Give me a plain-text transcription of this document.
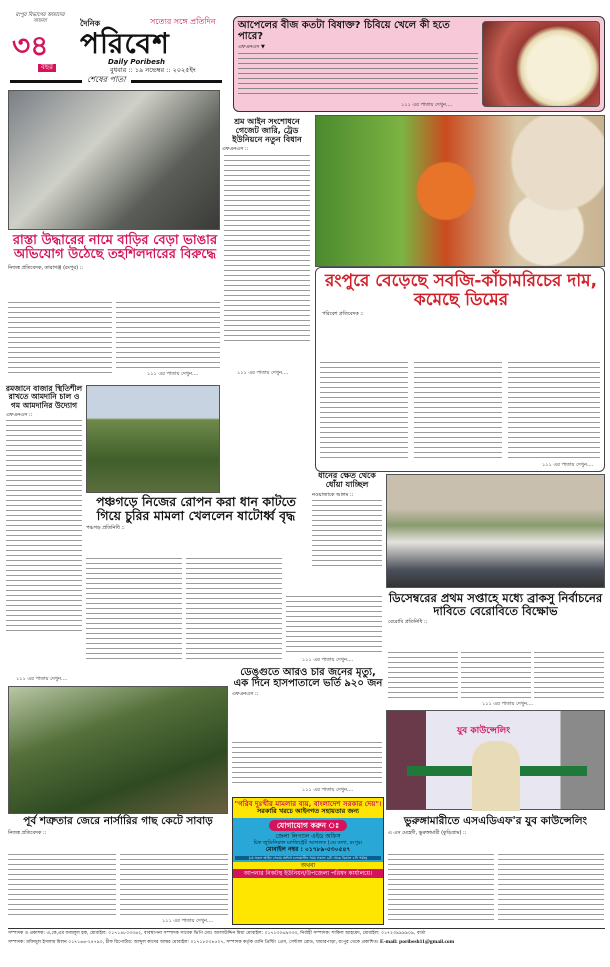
রংপুর বিভাগের আমাদের সাফল্য
৩৪
বছর
দৈনিক	সত্যের সঙ্গে প্রতিদিন
পরিবেশ
Daily Poribesh
বুধবার :: ১৯ নভেম্বর :: ২০২৫ইং
শেষের পাতা
আপেলের বীজ কতটা বিষাক্ত? চিবিয়ে খেলে কী হতে পারে?
এফএনএস ▼
১১১ এর পাতায় দেখুন....
রাস্তা উদ্ধারের নামে বাড়ির বেড়া ভাঙার অভিযোগ উঠেছে তহশিলদারের বিরুদ্ধে
নিজস্ব প্রতিবেদক, তারাগঞ্জ (রংপুর) ::
১১১ এর পাতায় দেখুন....
শ্রম আইন সংশোধনে গেজেট জারি, ট্রেড ইউনিয়নে নতুন বিধান
এফএনএস ::
১১১ এর পাতায় দেখুন....
রংপুরে বেড়েছে সবজি-কাঁচামরিচের দাম, কমেছে ডিমের
পরিবেশ প্রতিবেদক ::
১১১ এর পাতায় দেখুন....
রমজানে বাজার স্থিতিশীল রাখতে আমদানি চাল ও গম আমদানির উদ্যোগ
এফএনএস ::
১১১ এর পাতায় দেখুন....
ধানের ক্ষেত থেকে ধোঁয়া যাচ্ছিল
নওয়াজাকে আলম ::
পঞ্চগড়ে নিজের রোপন করা ধান কাটতে গিয়ে চুরির মামলা খেললেন ষাটোর্ধ্ব বৃদ্ধ
পঞ্চগড় প্রতিনিধি ::
১১১ এর পাতায় দেখুন....
ডিসেম্বরের প্রথম সপ্তাহে মধ্যে ব্রাকসু নির্বাচনের দাবিতে বেরোবিতে বিক্ষোভ
বেরোবি প্রতিনিধি ::
১১১ এর পাতায় দেখুন....
ডেঙ্গুতে আরও চার জনের মৃত্যু, এক দিনে হাসপাতালে ভর্তি ৯২০ জন
এফএনএস ::
১১১ এর পাতায় দেখুন....
"গরিব দুঃখীর মামলার ব্যয়, বাংলাদেশ সরকার দেয়"।
সরকারি খরচে আইনগত সহায়তার জন্য
যোগাযোগ করুন ঃ
জেলা লিগ্যাল এইড অফিস
চিফ জুডিসিয়াল ম্যাজিস্ট্রেট আদালত (৩য় তলা, রংপুর।
মোবাইল নম্বর : ০১৭৮৯-৫৩০৫৪৭
(যে সকল আইন সেবায় অফিস চলাকালীন সময় সকাল ৯টা থেকে বিকাল ৫টা পর্যন্ত)
অথবা
আপনার নিকটস্থ ইউনিয়ন/উপজেলা পরিষদ কার্যালয়ে।
পূর্ব শত্রুতার জেরে নার্সারির গাছ কেটে সাবাড়
নিজস্ব প্রতিবেদক ::
১১১ এর পাতায় দেখুন....
যুব কাউন্সেলিং
ভুরুঙ্গামারীতে এসএডিএফ'র যুব কাউন্সেলিং
এ এস মেহেদী, ভুরুঙ্গামারী (কুড়িগ্রাম) ::
সম্পাদক ও প্রকাশক: এ,কে,এম ফজলুল হক, মোবাইল: ০১৭১৪৮০৩৩৬২, ব্যবস্থাপনা সম্পাদক সাবেক ভিপি মোঃ আলাউদ্দিন মিয়া মোবাইল: ০১৭১৩০৬৯৩৩৩, নির্বাহী সম্পাদক: শাকিল আহমেদ, মোবাইল: ০১৭২৩৯৯৯৯০৯, বার্তা
সম্পাদক: মফিজুল ইসলাম মিলন ০১৭১৬৬-২৪৭৯০, চীফ রিপোর্টার: আব্দুল কাদের আম্বর মোবাইল: ০১৭১৮০৩৪৫০৭, সম্পাদক কর্তৃক তানি প্রিন্টিং প্রেস, সেন্টাল রোড, খামারপাড়া, রংপুর থেকে প্রকাশিত। E-mail: poribesh11@gmail.com
